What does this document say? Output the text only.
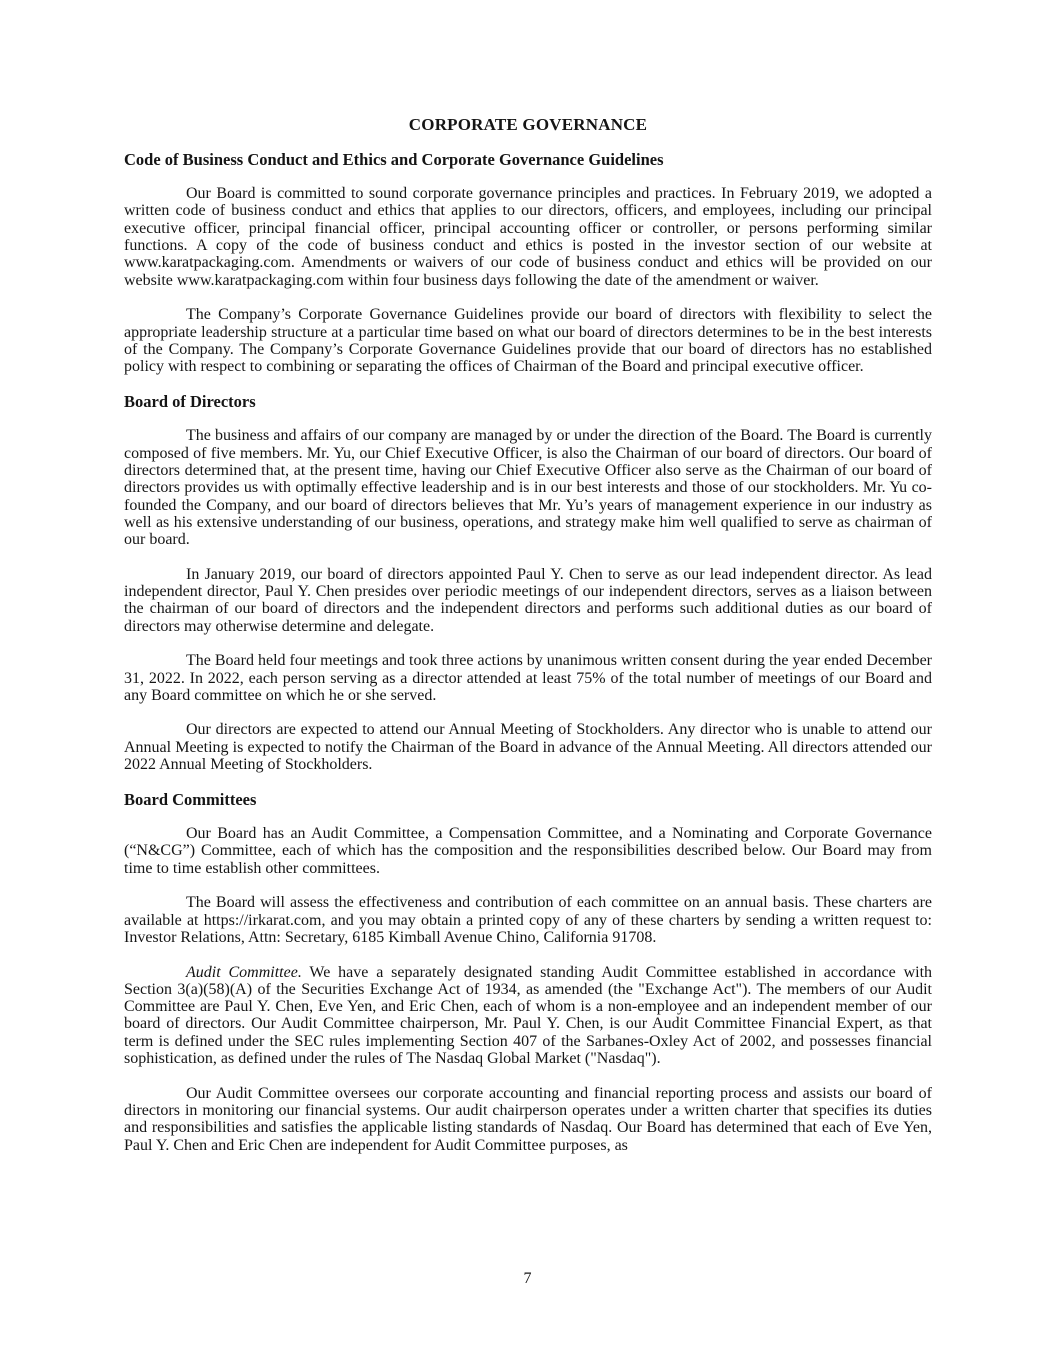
CORPORATE GOVERNANCE
Code of Business Conduct and Ethics and Corporate Governance Guidelines

Our Board is committed to sound corporate governance principles and practices. In February 2019, we adopted a written code of business conduct and ethics that applies to our directors, officers, and employees, including our principal executive officer, principal financial officer, principal accounting officer or controller, or persons performing similar functions. A copy of the code of business conduct and ethics is posted in the investor section of our website at www.karatpackaging.com. Amendments or waivers of our code of business conduct and ethics will be provided on our website www.karatpackaging.com within four business days following the date of the amendment or waiver.

The Company’s Corporate Governance Guidelines provide our board of directors with flexibility to select the appropriate leadership structure at a particular time based on what our board of directors determines to be in the best interests of the Company. The Company’s Corporate Governance Guidelines provide that our board of directors has no established policy with respect to combining or separating the offices of Chairman of the Board and principal executive officer.

Board of Directors

The business and affairs of our company are managed by or under the direction of the Board. The Board is currently composed of five members. Mr. Yu, our Chief Executive Officer, is also the Chairman of our board of directors. Our board of directors determined that, at the present time, having our Chief Executive Officer also serve as the Chairman of our board of directors provides us with optimally effective leadership and is in our best interests and those of our stockholders. Mr. Yu co-founded the Company, and our board of directors believes that Mr. Yu’s years of management experience in our industry as well as his extensive understanding of our business, operations, and strategy make him well qualified to serve as chairman of our board.

In January 2019, our board of directors appointed Paul Y. Chen to serve as our lead independent director. As lead independent director, Paul Y. Chen presides over periodic meetings of our independent directors, serves as a liaison between the chairman of our board of directors and the independent directors and performs such additional duties as our board of directors may otherwise determine and delegate.

The Board held four meetings and took three actions by unanimous written consent during the year ended December 31, 2022. In 2022, each person serving as a director attended at least 75% of the total number of meetings of our Board and any Board committee on which he or she served.

Our directors are expected to attend our Annual Meeting of Stockholders. Any director who is unable to attend our Annual Meeting is expected to notify the Chairman of the Board in advance of the Annual Meeting. All directors attended our 2022 Annual Meeting of Stockholders.

Board Committees

Our Board has an Audit Committee, a Compensation Committee, and a Nominating and Corporate Governance (“N&CG”) Committee, each of which has the composition and the responsibilities described below. Our Board may from time to time establish other committees.

The Board will assess the effectiveness and contribution of each committee on an annual basis. These charters are available at https://irkarat.com, and you may obtain a printed copy of any of these charters by sending a written request to: Investor Relations, Attn: Secretary, 6185 Kimball Avenue Chino, California 91708.

Audit Committee. We have a separately designated standing Audit Committee established in accordance with Section 3(a)(58)(A) of the Securities Exchange Act of 1934, as amended (the "Exchange Act"). The members of our Audit Committee are Paul Y. Chen, Eve Yen, and Eric Chen, each of whom is a non-employee and an independent member of our board of directors. Our Audit Committee chairperson, Mr. Paul Y. Chen, is our Audit Committee Financial Expert, as that term is defined under the SEC rules implementing Section 407 of the Sarbanes-Oxley Act of 2002, and possesses financial sophistication, as defined under the rules of The Nasdaq Global Market ("Nasdaq").

Our Audit Committee oversees our corporate accounting and financial reporting process and assists our board of directors in monitoring our financial systems. Our audit chairperson operates under a written charter that specifies its duties and responsibilities and satisfies the applicable listing standards of Nasdaq. Our Board has determined that each of Eve Yen, Paul Y. Chen and Eric Chen are independent for Audit Committee purposes, as

7
